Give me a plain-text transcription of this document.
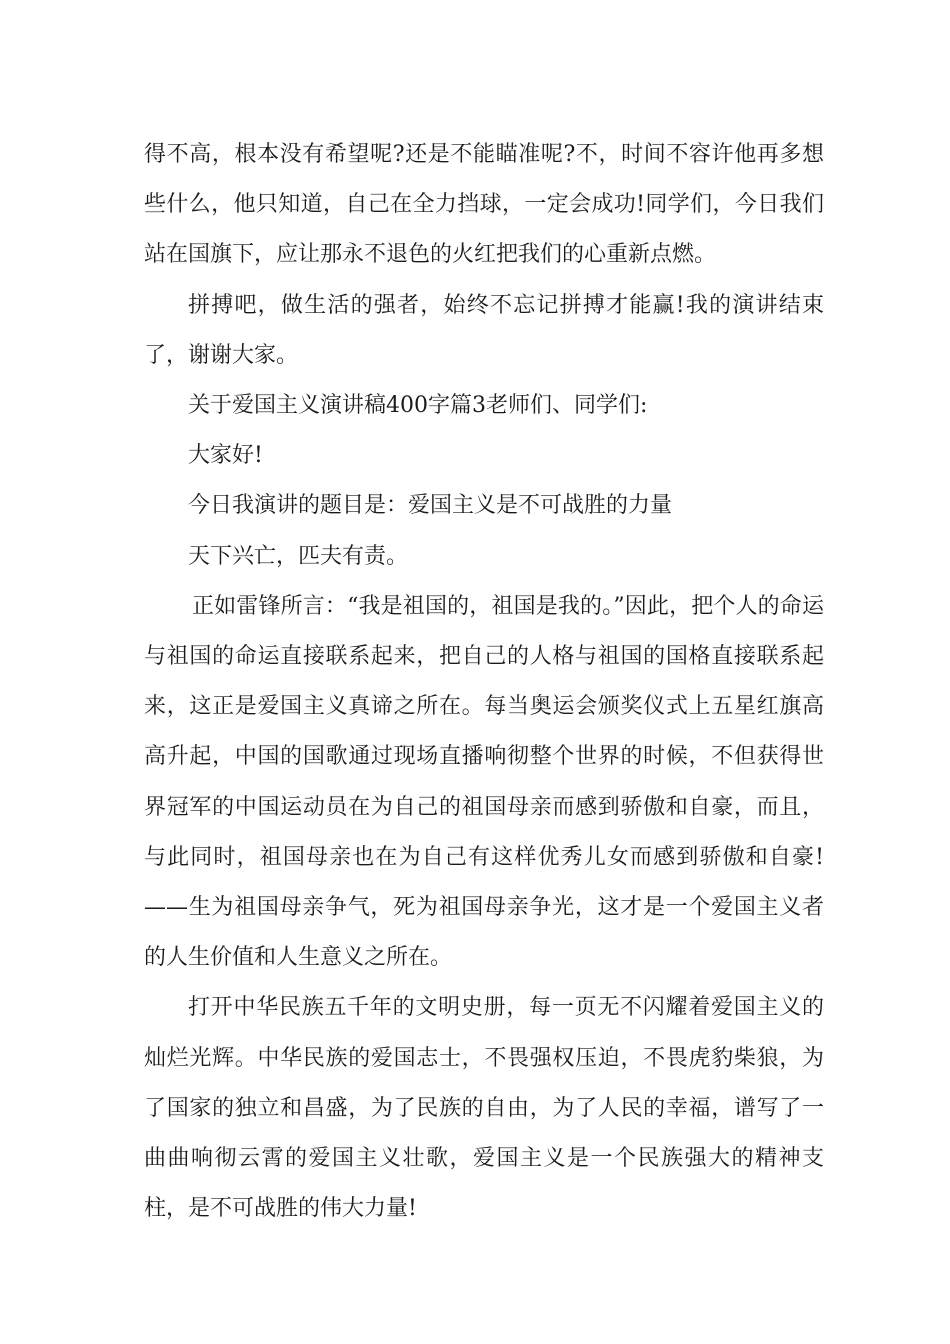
得不高，根本没有希望呢?还是不能瞄准呢?不，时间不容许他再多想些什么，他只知道，自己在全力挡球，一定会成功!同学们，今日我们站在国旗下，应让那永不退色的火红把我们的心重新点燃。

拼搏吧，做生活的强者，始终不忘记拼搏才能赢!我的演讲结束了，谢谢大家。

关于爱国主义演讲稿400字篇3老师们、同学们:

大家好!

今日我演讲的题目是：爱国主义是不可战胜的力量

天下兴亡，匹夫有责。

正如雷锋所言：“我是祖国的，祖国是我的。”因此，把个人的命运与祖国的命运直接联系起来，把自己的人格与祖国的国格直接联系起来，这正是爱国主义真谛之所在。每当奥运会颁奖仪式上五星红旗高高升起，中国的国歌通过现场直播响彻整个世界的时候，不但获得世界冠军的中国运动员在为自己的祖国母亲而感到骄傲和自豪，而且，与此同时，祖国母亲也在为自己有这样优秀儿女而感到骄傲和自豪!——生为祖国母亲争气，死为祖国母亲争光，这才是一个爱国主义者的人生价值和人生意义之所在。

打开中华民族五千年的文明史册，每一页无不闪耀着爱国主义的灿烂光辉。中华民族的爱国志士，不畏强权压迫，不畏虎豹柴狼，为了国家的独立和昌盛，为了民族的自由，为了人民的幸福，谱写了一曲曲响彻云霄的爱国主义壮歌，爱国主义是一个民族强大的精神支柱，是不可战胜的伟大力量!
